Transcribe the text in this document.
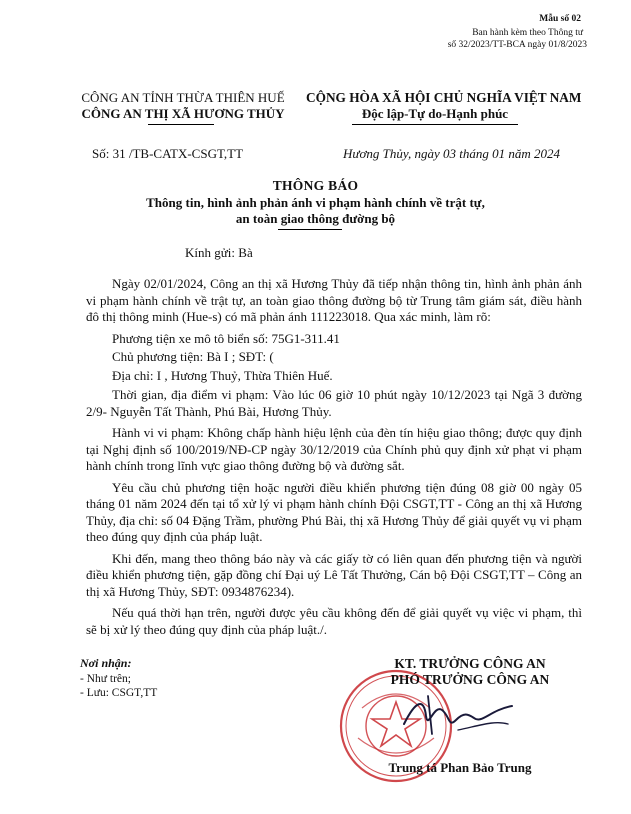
Mẫu số 02
Ban hành kèm theo Thông tư
số 32/2023/TT-BCA ngày 01/8/2023
CÔNG AN TỈNH THỪA THIÊN HUẾ
CÔNG AN THỊ XÃ HƯƠNG THỦY
CỘNG HÒA XÃ HỘI CHỦ NGHĨA VIỆT NAM
Độc lập-Tự do-Hạnh phúc
Số: 31 /TB-CATX-CSGT,TT	Hương Thủy, ngày 03 tháng 01 năm 2024
THÔNG BÁO
Thông tin, hình ảnh phản ánh vi phạm hành chính về trật tự,
an toàn giao thông đường bộ
Kính gửi: Bà

Ngày 02/01/2024, Công an thị xã Hương Thủy đã tiếp nhận thông tin, hình ảnh phản ánh vi phạm hành chính về trật tự, an toàn giao thông đường bộ từ Trung tâm giám sát, điều hành đô thị thông minh (Hue-s) có mã phản ánh 111223018. Qua xác minh, làm rõ:

Phương tiện xe mô tô biển số: 75G1-311.41

Chủ phương tiện: Bà I ; SĐT: (

Địa chỉ: I , Hương Thuỷ, Thừa Thiên Huế.

Thời gian, địa điểm vi phạm: Vào lúc 06 giờ 10 phút ngày 10/12/2023 tại Ngã 3 đường 2/9- Nguyễn Tất Thành, Phú Bài, Hương Thủy.

Hành vi vi phạm: Không chấp hành hiệu lệnh của đèn tín hiệu giao thông; được quy định tại Nghị định số 100/2019/NĐ-CP ngày 30/12/2019 của Chính phủ quy định xử phạt vi phạm hành chính trong lĩnh vực giao thông đường bộ và đường sắt.

Yêu cầu chủ phương tiện hoặc người điều khiển phương tiện đúng 08 giờ 00 ngày 05 tháng 01 năm 2024 đến tại tổ xử lý vi phạm hành chính Đội CSGT,TT - Công an thị xã Hương Thủy, địa chỉ: số 04 Đặng Trầm, phường Phú Bài, thị xã Hương Thủy để giải quyết vụ vi phạm theo đúng quy định của pháp luật.

Khi đến, mang theo thông báo này và các giấy tờ có liên quan đến phương tiện và người điều khiển phương tiện, gặp đồng chí Đại uý Lê Tất Thưởng, Cán bộ Đội CSGT,TT – Công an thị xã Hương Thủy, SĐT: 0934876234).

Nếu quá thời hạn trên, người được yêu cầu không đến để giải quyết vụ việc vi phạm, thì sẽ bị xử lý theo đúng quy định của pháp luật./.

Nơi nhận:
- Như trên;
- Lưu: CSGT,TT
KT. TRƯỞNG CÔNG AN
PHÓ TRƯỞNG CÔNG AN
Trung tá Phan Bảo Trung
